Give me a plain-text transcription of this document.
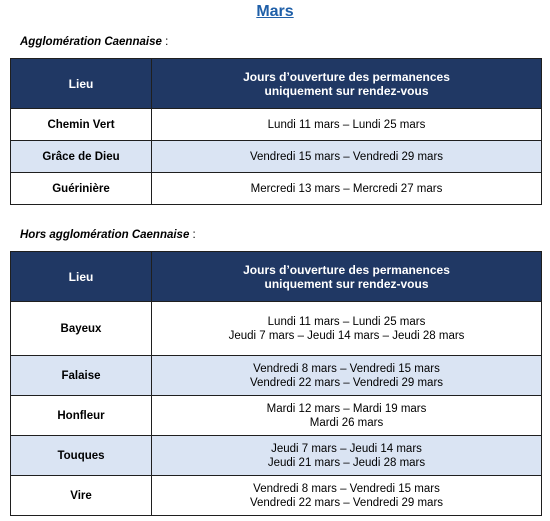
Mars
Agglomération Caennaise :
Lieu	Jours d’ouverture des permanences
uniquement sur rendez-vous

Chemin Vert	Lundi 11 mars – Lundi 25 mars

Grâce de Dieu	Vendredi 15 mars – Vendredi 29 mars

Guérinière	Mercredi 13 mars – Mercredi 27 mars
Hors agglomération Caennaise :
Lieu	Jours d’ouverture des permanences
uniquement sur rendez-vous

Bayeux	Lundi 11 mars – Lundi 25 mars
Jeudi 7 mars – Jeudi 14 mars – Jeudi 28 mars

Falaise	Vendredi 8 mars – Vendredi 15 mars
Vendredi 22 mars – Vendredi 29 mars

Honfleur	Mardi 12 mars – Mardi 19 mars
Mardi 26 mars

Touques	Jeudi 7 mars – Jeudi 14 mars
Jeudi 21 mars – Jeudi 28 mars

Vire	Vendredi 8 mars – Vendredi 15 mars
Vendredi 22 mars – Vendredi 29 mars
